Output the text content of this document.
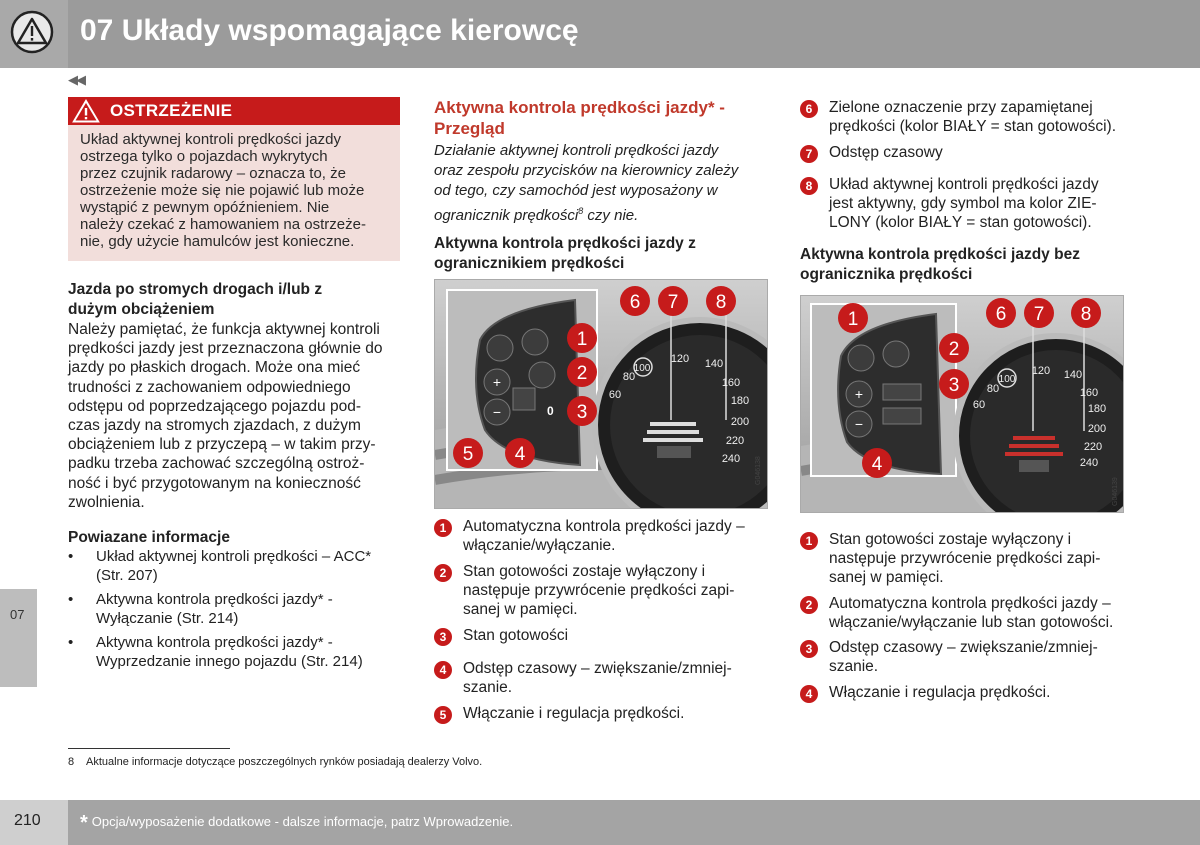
07 Układy wspomagające kierowcę
◀◀
07
OSTRZEŻENIE
Układ aktywnej kontroli prędkości jazdy
ostrzega tylko o pojazdach wykrytych
przez czujnik radarowy – oznacza to, że
ostrzeżenie może się nie pojawić lub może
wystąpić z pewnym opóźnieniem. Nie
należy czekać z hamowaniem na ostrzeże-
nie, gdy użycie hamulców jest konieczne.
Jazda po stromych drogach i/lub z
dużym obciążeniem
Należy pamiętać, że funkcja aktywnej kontroli
prędkości jazdy jest przeznaczona głównie do
jazdy po płaskich drogach. Może ona mieć
trudności z zachowaniem odpowiedniego
odstępu od poprzedzającego pojazdu pod-
czas jazdy na stromych zjazdach, z dużym
obciążeniem lub z przyczepą – w takim przy-
padku trzeba zachować szczególną ostroż-
ność i być przygotowanym na konieczność
zwolnienia.
Powiazane informacje
• Układ aktywnej kontroli prędkości – ACC*
(Str. 207)
• Aktywna kontrola prędkości jazdy* -
Wyłączanie (Str. 214)
• Aktywna kontrola prędkości jazdy* -
Wyprzedzanie innego pojazdu (Str. 214)
Aktywna kontrola prędkości jazdy* -
Przegląd
Działanie aktywnej kontroli prędkości jazdy
oraz zespołu przycisków na kierownicy zależy
od tego, czy samochód jest wyposażony w
ogranicznik prędkości$^8$ czy nie.
Aktywna kontrola prędkości jazdy z
ogranicznikiem prędkości
+
−	0
100
80
60
120 140
160
180
200
220
240 G046138
6 7 8
1
2
3
5 4
1	Automatyczna kontrola prędkości jazdy –
włączanie/wyłączanie.
2	Stan gotowości zostaje wyłączony i
następuje przywrócenie prędkości zapi-
sanej w pamięci.
3	Stan gotowości
4	Odstęp czasowy – zwiększanie/zmniej-
szanie.
5	Włączanie i regulacja prędkości.
6	Zielone oznaczenie przy zapamiętanej
prędkości (kolor BIAŁY = stan gotowości).
7	Odstęp czasowy
8	Układ aktywnej kontroli prędkości jazdy
jest aktywny, gdy symbol ma kolor ZIE-
LONY (kolor BIAŁY = stan gotowości).
Aktywna kontrola prędkości jazdy bez
ogranicznika prędkości
+
−
100
80
60
120 140
160
180
200
220
240
G046139
1
2
3
4
6 7 8
1	Stan gotowości zostaje wyłączony i
następuje przywrócenie prędkości zapi-
sanej w pamięci.
2	Automatyczna kontrola prędkości jazdy –
włączanie/wyłączanie lub stan gotowości.
3	Odstęp czasowy – zwiększanie/zmniej-
szanie.
4	Włączanie i regulacja prędkości.
8 Aktualne informacje dotyczące poszczególnych rynków posiadają dealerzy Volvo.
210 * Opcja/wyposażenie dodatkowe - dalsze informacje, patrz Wprowadzenie.
